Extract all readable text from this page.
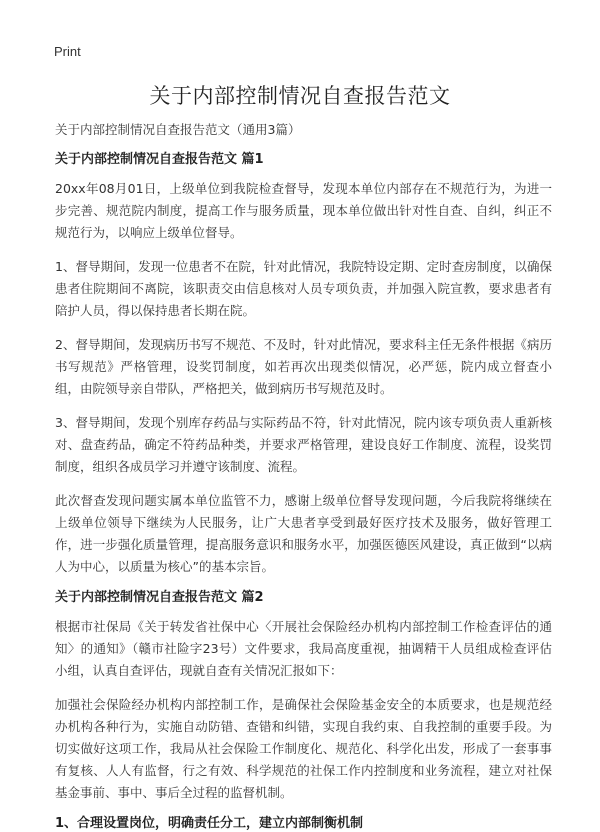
Print
关于内部控制情况自查报告范文

关于内部控制情况自查报告范文（通用3篇）

关于内部控制情况自查报告范文 篇1

20xx年08月01日，上级单位到我院检查督导，发现本单位内部存在不规范行为，为进一步完善、规范院内制度，提高工作与服务质量，现本单位做出针对性自查、自纠，纠正不规范行为，以响应上级单位督导。

1、督导期间，发现一位患者不在院，针对此情况，我院特设定期、定时查房制度，以确保患者住院期间不离院，该职责交由信息核对人员专项负责，并加强入院宣教，要求患者有陪护人员，得以保持患者长期在院。

2、督导期间，发现病历书写不规范、不及时，针对此情况，要求科主任无条件根据《病历书写规范》严格管理，设奖罚制度，如若再次出现类似情况，必严惩，院内成立督查小组，由院领导亲自带队，严格把关，做到病历书写规范及时。

3、督导期间，发现个别库存药品与实际药品不符，针对此情况，院内该专项负责人重新核对、盘查药品，确定不符药品种类，并要求严格管理，建设良好工作制度、流程，设奖罚制度，组织各成员学习并遵守该制度、流程。

此次督查发现问题实属本单位监管不力，感谢上级单位督导发现问题，今后我院将继续在上级单位领导下继续为人民服务，让广大患者享受到最好医疗技术及服务，做好管理工作，进一步强化质量管理，提高服务意识和服务水平，加强医德医风建设，真正做到“以病人为中心，以质量为核心”的基本宗旨。

关于内部控制情况自查报告范文 篇2

根据市社保局《关于转发省社保中心〈开展社会保险经办机构内部控制工作检查评估的通知〉的通知》（赣市社险字23号）文件要求，我局高度重视，抽调精干人员组成检查评估小组，认真自查评估，现就自查有关情况汇报如下：

加强社会保险经办机构内部控制工作，是确保社会保险基金安全的本质要求，也是规范经办机构各种行为，实施自动防错、查错和纠错，实现自我约束、自我控制的重要手段。为切实做好这项工作，我局从社会保险工作制度化、规范化、科学化出发，形成了一套事事有复核、人人有监督，行之有效、科学规范的社保工作内控制度和业务流程，建立对社保基金事前、事中、事后全过程的监督机制。

1、合理设置岗位，明确责任分工，建立内部制衡机制
